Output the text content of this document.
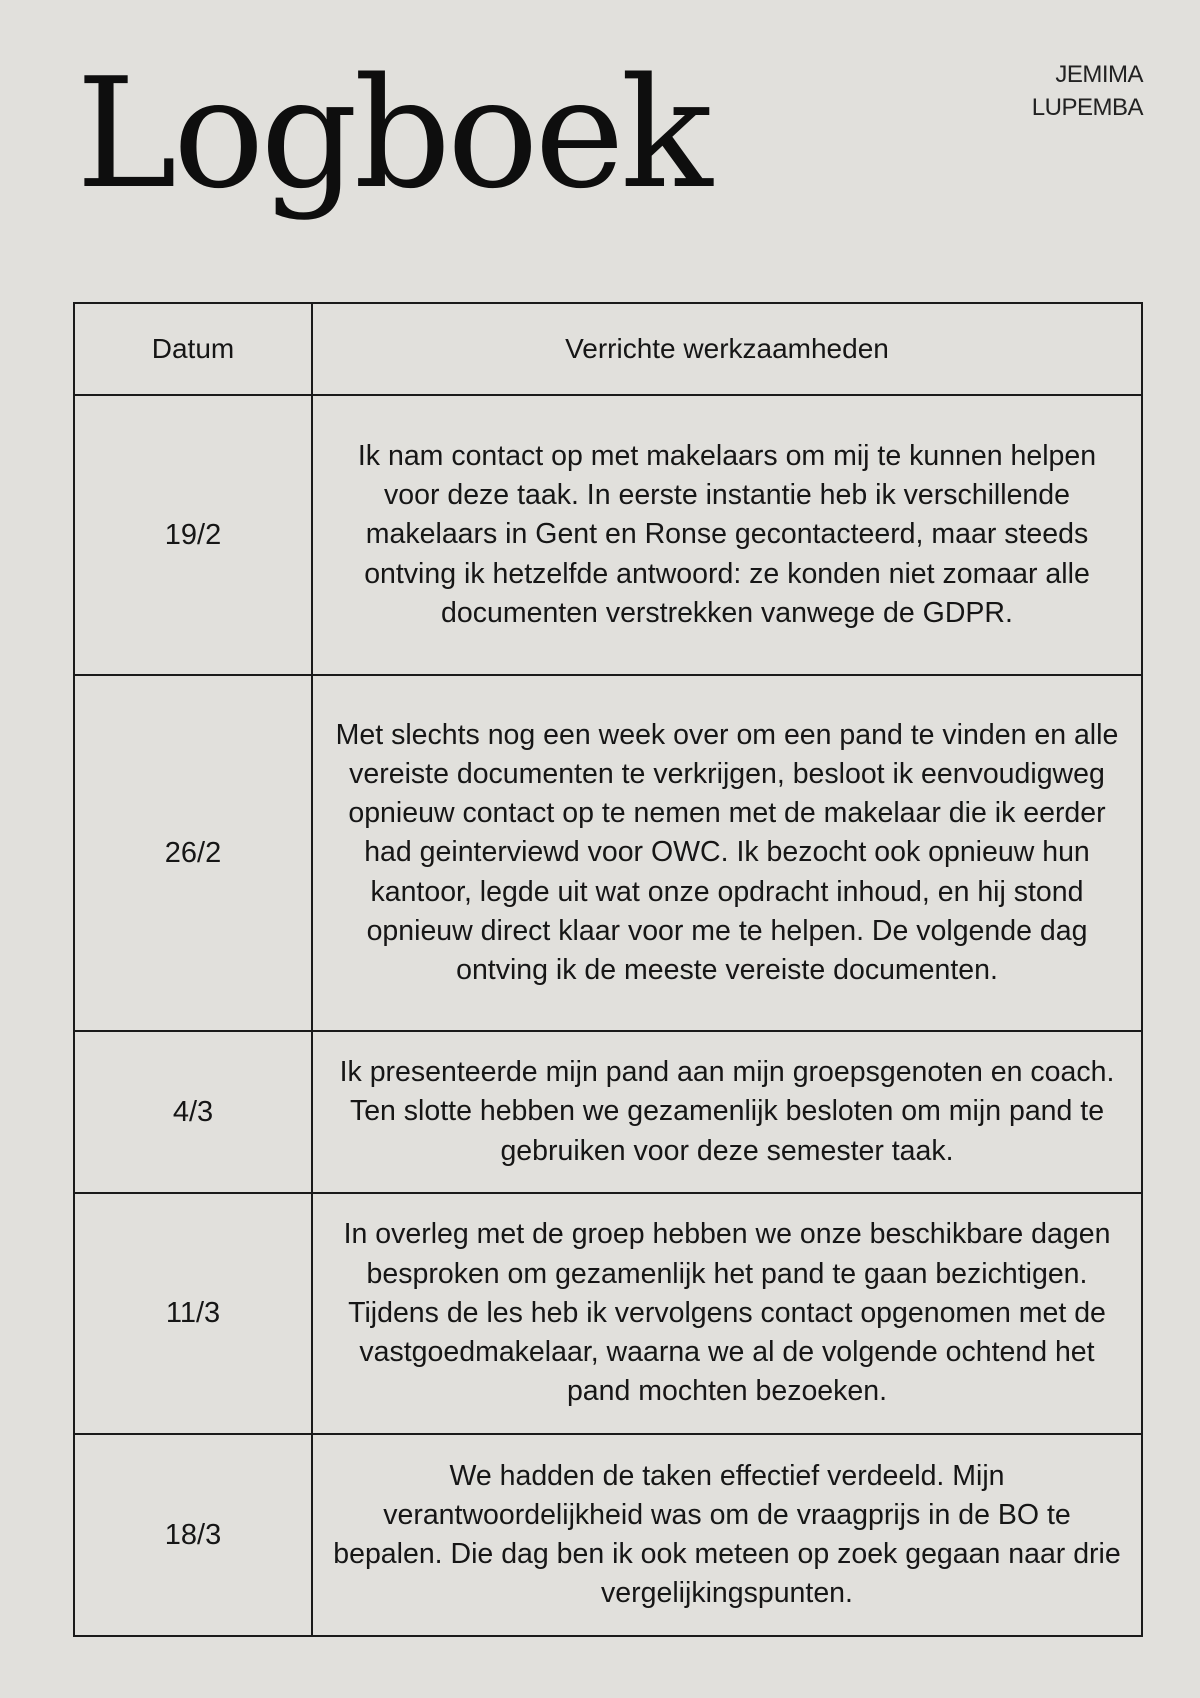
Logboek	JEMIMA
LUPEMBA
Datum	Verrichte werkzaamheden
19/2	Ik nam contact op met makelaars om mij te kunnen helpen voor deze taak. In eerste instantie heb ik verschillende makelaars in Gent en Ronse gecontacteerd, maar steeds ontving ik hetzelfde antwoord: ze konden niet zomaar alle documenten verstrekken vanwege de GDPR.
26/2	Met slechts nog een week over om een pand te vinden en alle vereiste documenten te verkrijgen, besloot ik eenvoudigweg opnieuw contact op te nemen met de makelaar die ik eerder had geinterviewd voor OWC. Ik bezocht ook opnieuw hun kantoor, legde uit wat onze opdracht inhoud, en hij stond opnieuw direct klaar voor me te helpen. De volgende dag ontving ik de meeste vereiste documenten.
4/3	Ik presenteerde mijn pand aan mijn groepsgenoten en coach. Ten slotte hebben we gezamenlijk besloten om mijn pand te gebruiken voor deze semester taak.
11/3	In overleg met de groep hebben we onze beschikbare dagen besproken om gezamenlijk het pand te gaan bezichtigen. Tijdens de les heb ik vervolgens contact opgenomen met de vastgoedmakelaar, waarna we al de volgende ochtend het pand mochten bezoeken.
18/3	We hadden de taken effectief verdeeld. Mijn verantwoordelijkheid was om de vraagprijs in de BO te bepalen. Die dag ben ik ook meteen op zoek gegaan naar drie vergelijkingspunten.
